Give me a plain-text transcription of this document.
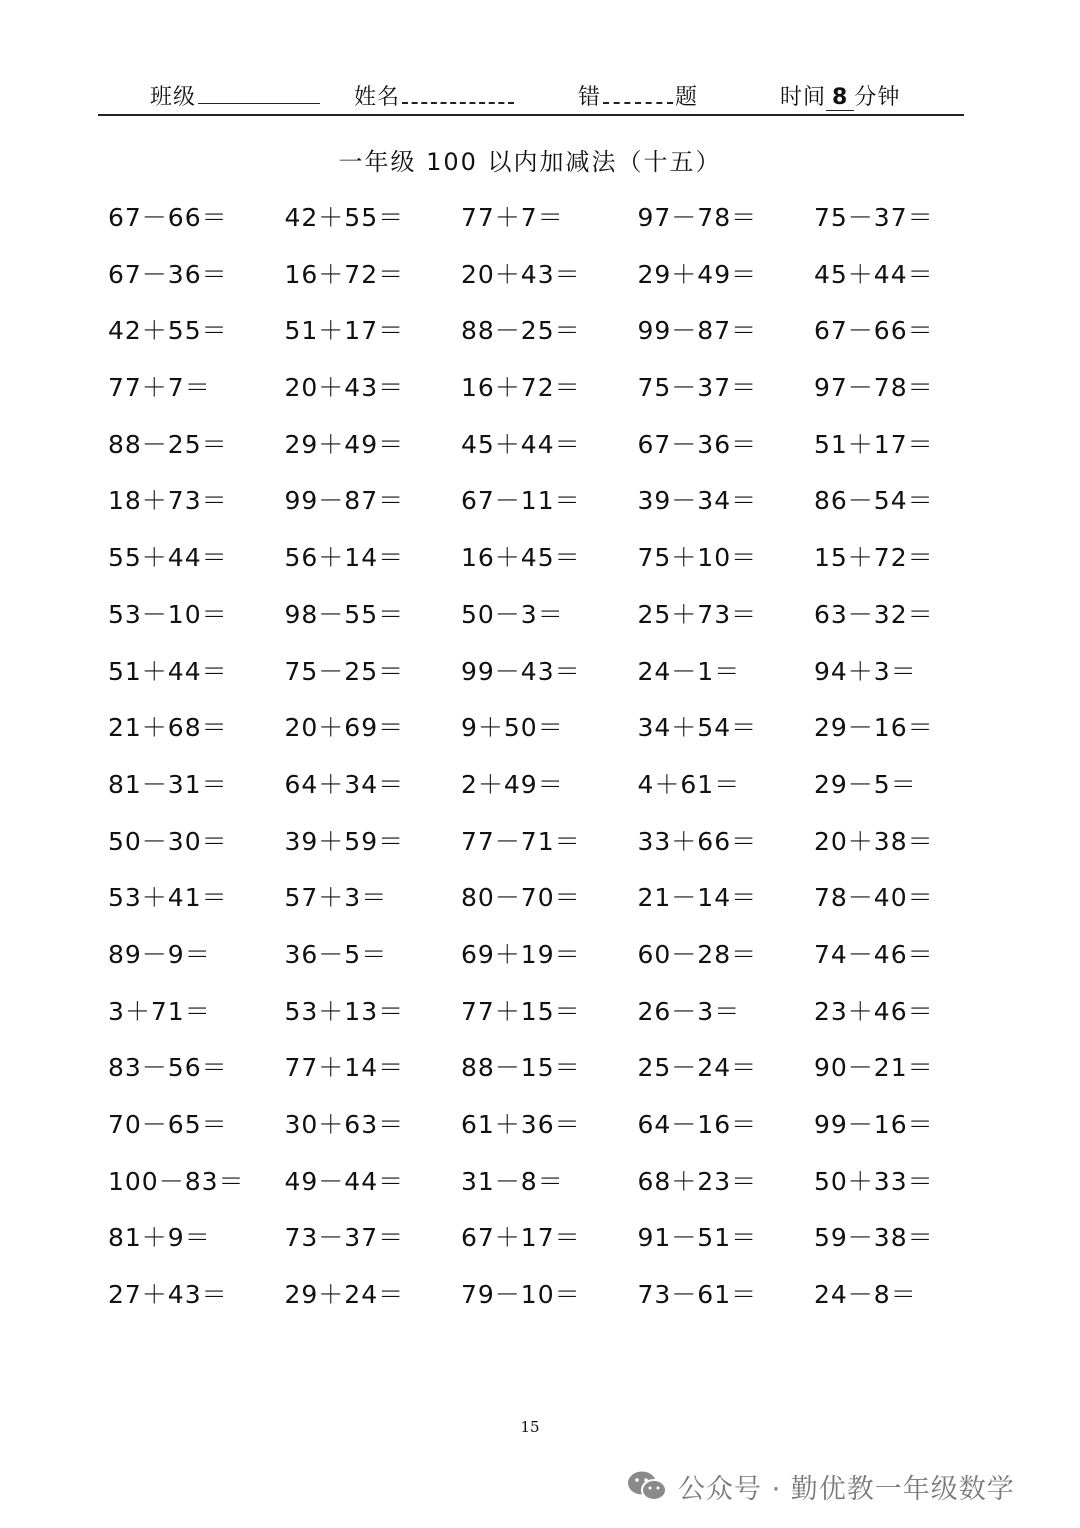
班级	姓名	错	题	时间 8 分钟
一年级 100 以内加减法（十五）
67－66＝ 42＋55＝ 77＋7＝	97－78＝ 75－37＝
67－36＝ 16＋72＝ 20＋43＝ 29＋49＝ 45＋44＝
42＋55＝ 51＋17＝ 88－25＝ 99－87＝ 67－66＝
77＋7＝	20＋43＝ 16＋72＝ 75－37＝ 97－78＝
88－25＝ 29＋49＝ 45＋44＝ 67－36＝ 51＋17＝
18＋73＝ 99－87＝ 67－11＝ 39－34＝ 86－54＝
55＋44＝ 56＋14＝ 16＋45＝ 75＋10＝ 15＋72＝
53－10＝ 98－55＝ 50－3＝	25＋73＝ 63－32＝
51＋44＝ 75－25＝ 99－43＝ 24－1＝	94＋3＝
21＋68＝ 20＋69＝ 9＋50＝	34＋54＝ 29－16＝
81－31＝ 64＋34＝ 2＋49＝	4＋61＝	29－5＝
50－30＝ 39＋59＝ 77－71＝ 33＋66＝ 20＋38＝
53＋41＝ 57＋3＝	80－70＝ 21－14＝ 78－40＝
89－9＝	36－5＝	69＋19＝ 60－28＝ 74－46＝
3＋71＝	53＋13＝ 77＋15＝ 26－3＝	23＋46＝
83－56＝ 77＋14＝ 88－15＝ 25－24＝ 90－21＝
70－65＝ 30＋63＝ 61＋36＝ 64－16＝ 99－16＝
100－83＝ 49－44＝ 31－8＝	68＋23＝ 50＋33＝
81＋9＝	73－37＝ 67＋17＝ 91－51＝ 59－38＝
27＋43＝ 29＋24＝ 79－10＝ 73－61＝ 24－8＝
15
公众号 · 勤优教一年级数学
